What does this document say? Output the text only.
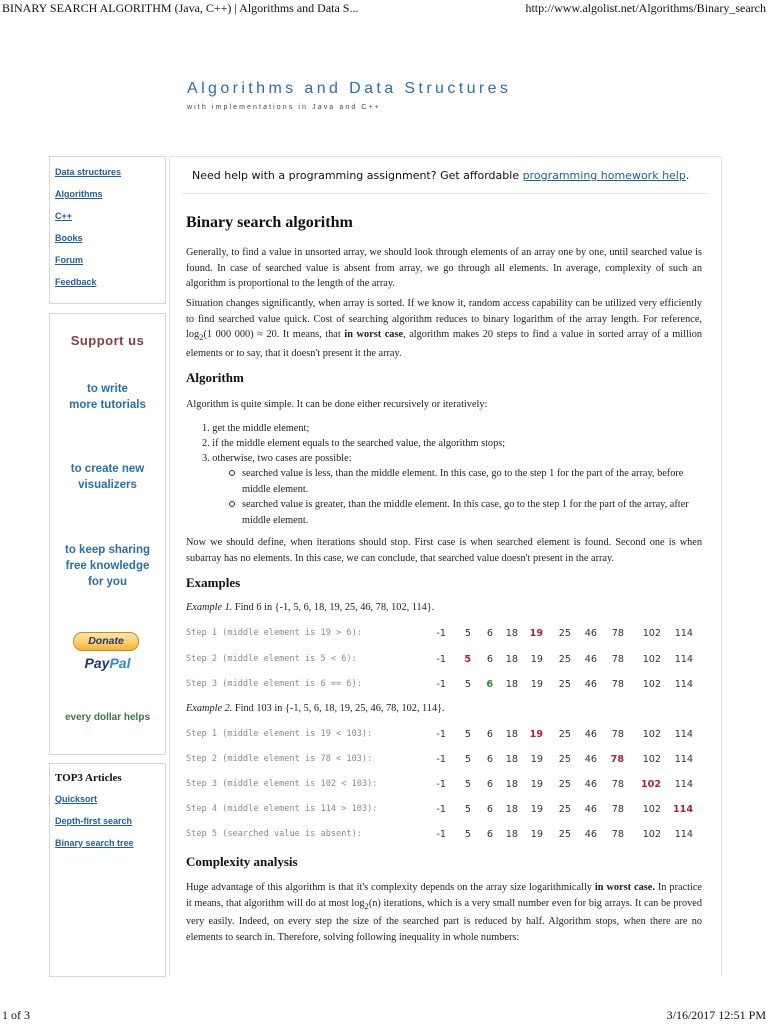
BINARY SEARCH ALGORITHM (Java, C++) | Algorithms and Data S...	http://www.algolist.net/Algorithms/Binary_search
1 of 3	3/16/2017 12:51 PM
Algorithms and Data Structures
with implementations in Java and C++
Data structures
Algorithms
C++
Books
Forum
Feedback
Support us
to write
more tutorials
to create new
visualizers
to keep sharing
free knowledge
for you
Donate
PayPal
every dollar helps
TOP3 Articles
Quicksort
Depth-first search
Binary search tree
Need help with a programming assignment? Get affordable programming homework help.
Binary search algorithm

Generally, to find a value in unsorted array, we should look through elements of an array one by one, until searched value is found. In case of searched value is absent from array, we go through all elements. In average, complexity of such an algorithm is proportional to the length of the array.

Situation changes significantly, when array is sorted. If we know it, random access capability can be utilized very efficiently to find searched value quick. Cost of searching algorithm reduces to binary logarithm of the array length. For reference, $\log_2(1$ 000 000) ≈ 20. It means, that in worst case, algorithm makes 20 steps to find a value in sorted array of a million elements or to say, that it doesn't present it the array.

Algorithm

Algorithm is quite simple. It can be done either recursively or iteratively:

1. get the middle element;
2. if the middle element equals to the searched value, the algorithm stops;
3. otherwise, two cases are possible:
searched value is less, than the middle element. In this case, go to the step 1 for the part of the array, before middle element.
searched value is greater, than the middle element. In this case, go to the step 1 for the part of the array, after middle element.

Now we should define, when iterations should stop. First case is when searched element is found. Second one is when subarray has no elements. In this case, we can conclude, that searched value doesn't present in the array.

Examples
Example 1. Find 6 in {-1, 5, 6, 18, 19, 25, 46, 78, 102, 114}.
Step 1 (middle element is 19 > 6):	-1	5	6	18	19	25	46	78	102	114
Step 2 (middle element is 5 < 6):	-1	5	6	18	19	25	46	78	102	114
Step 3 (middle element is 6 == 6):	-1	5	6	18	19	25	46	78	102	114
Example 2. Find 103 in {-1, 5, 6, 18, 19, 25, 46, 78, 102, 114}.
Step 1 (middle element is 19 < 103):	-1	5	6	18	19	25	46	78	102	114
Step 2 (middle element is 78 < 103):	-1	5	6	18	19	25	46	78	102	114
Step 3 (middle element is 102 < 103):	-1	5	6	18	19	25	46	78	102	114
Step 4 (middle element is 114 > 103):	-1	5	6	18	19	25	46	78	102	114
Step 5 (searched value is absent):	-1	5	6	18	19	25	46	78	102	114
Complexity analysis

Huge advantage of this algorithm is that it's complexity depends on the array size logarithmically in worst case. In practice it means, that algorithm will do at most $\log_2(n)$ iterations, which is a very small number even for big arrays. It can be proved very easily. Indeed, on every step the size of the searched part is reduced by half. Algorithm stops, when there are no elements to search in. Therefore, solving following inequality in whole numbers:
